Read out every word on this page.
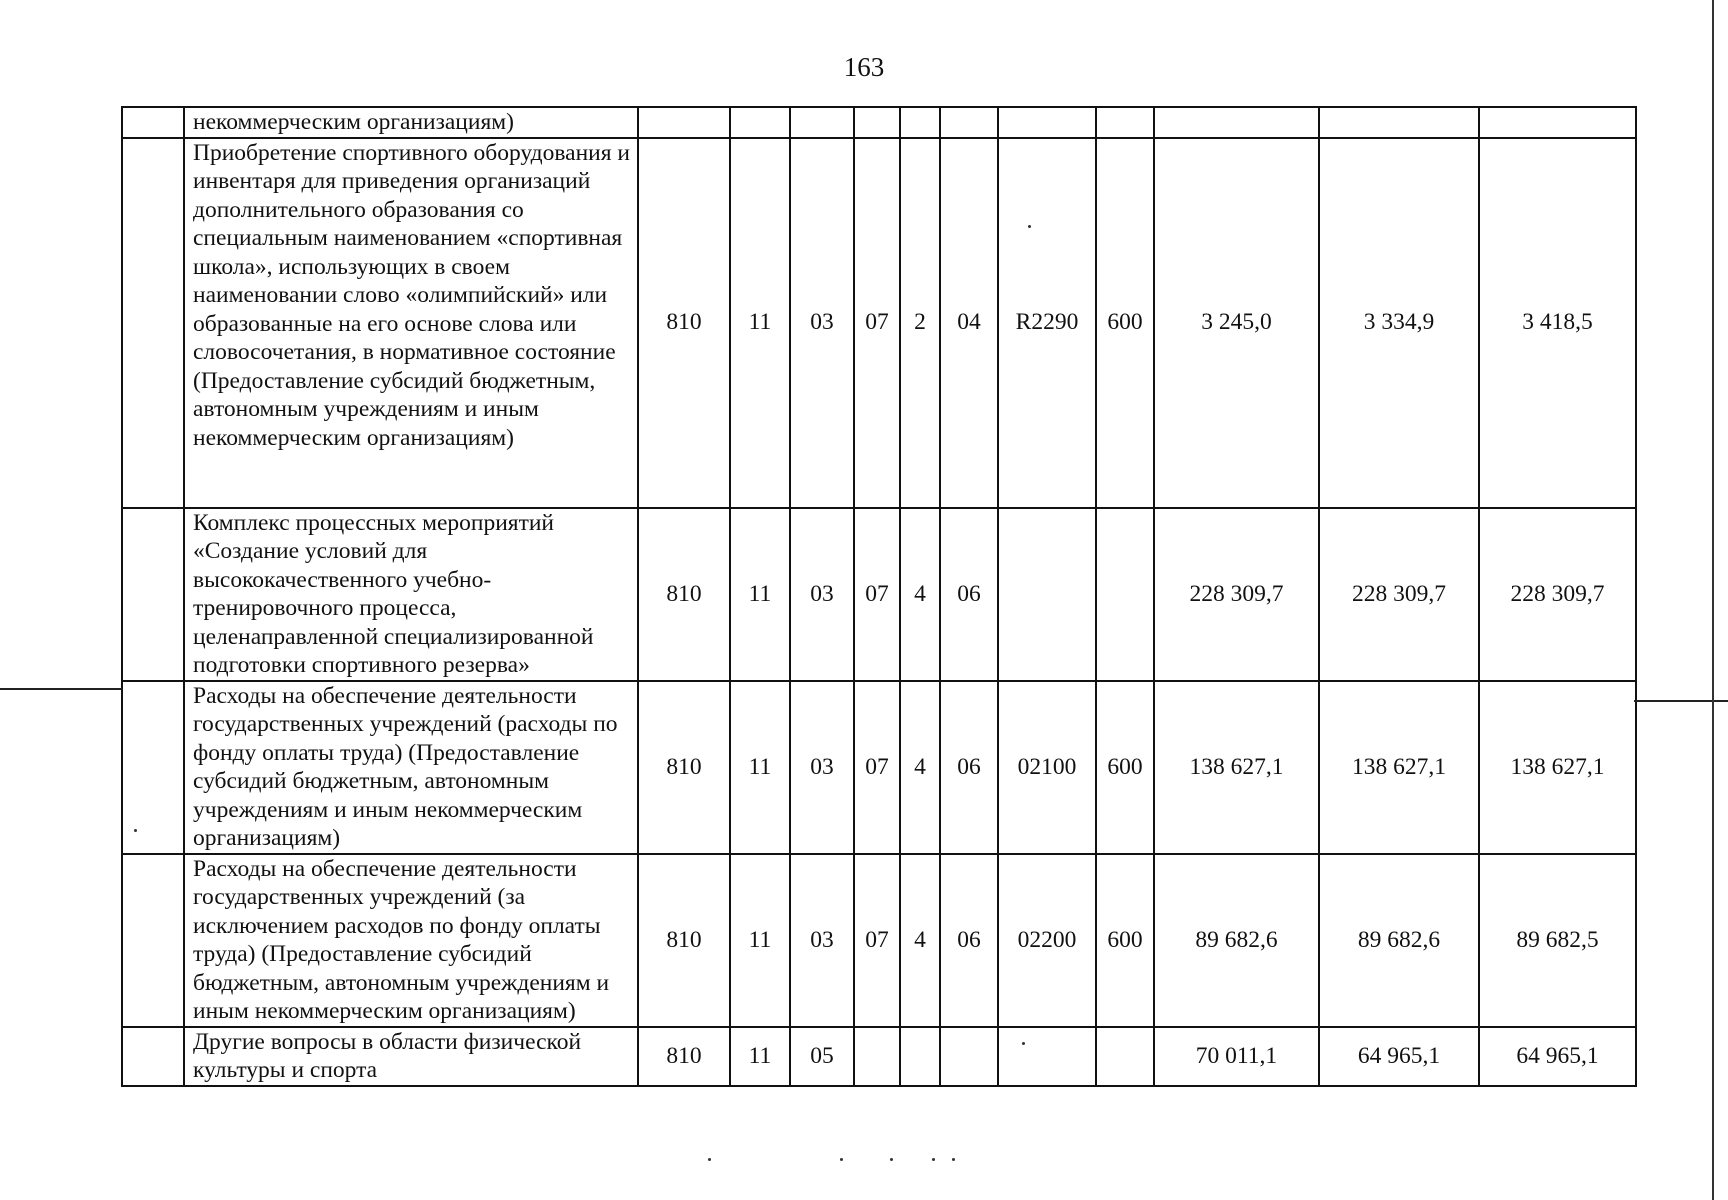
163
	некоммерческим организациям)											
	Приобретение спортивного оборудования и инвентаря для приведения организаций дополнительного образования со специальным наименованием «спортивная школа», использующих в своем наименовании слово «олимпийский» или образованные на его основе слова или словосочетания, в нормативное состояние (Предоставление субсидий бюджетным, автономным учреждениям и иным некоммерческим организациям)	810	11	03	07	2	04	R2290	600	3 245,0	3 334,9	3 418,5
	Комплекс процессных мероприятий «Создание условий для высококачественного учебно-тренировочного процесса, целенаправленной специализированной подготовки спортивного резерва»	810	11	03	07	4	06			228 309,7	228 309,7	228 309,7
	Расходы на обеспечение деятельности государственных учреждений (расходы по фонду оплаты труда) (Предоставление субсидий бюджетным, автономным учреждениям и иным некоммерческим организациям)	810	11	03	07	4	06	02100	600	138 627,1	138 627,1	138 627,1
	Расходы на обеспечение деятельности государственных учреждений (за исключением расходов по фонду оплаты труда) (Предоставление субсидий бюджетным, автономным учреждениям и иным некоммерческим организациям)	810	11	03	07	4	06	02200	600	89 682,6	89 682,6	89 682,5
	Другие вопросы в области физической культуры и спорта	810	11	05						70 011,1	64 965,1	64 965,1
